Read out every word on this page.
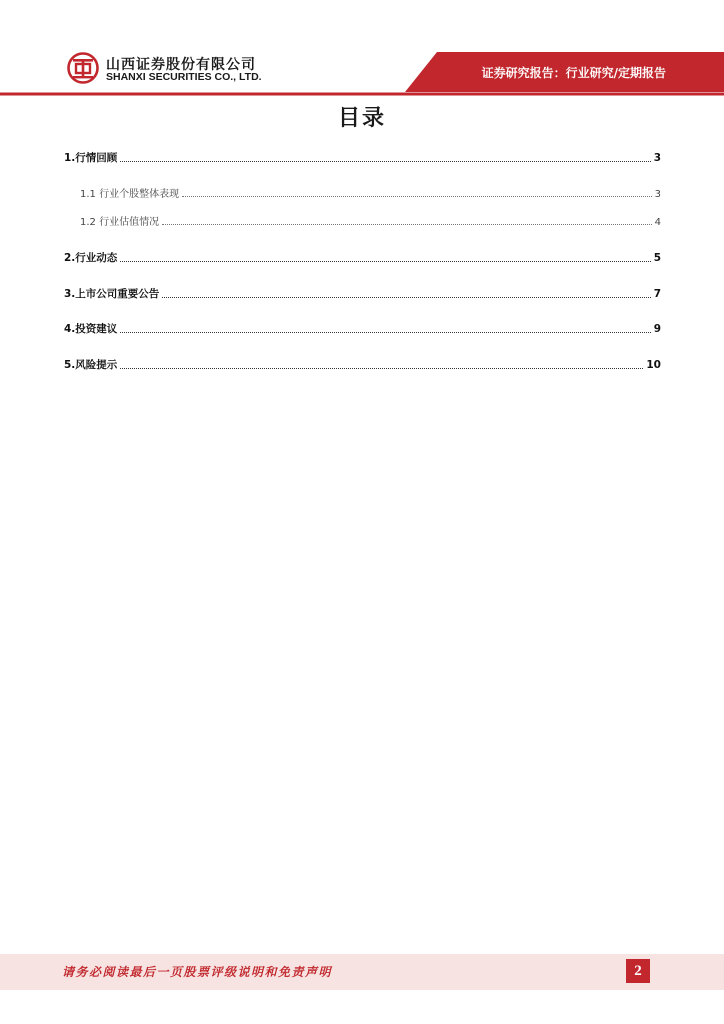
山西证券股份有限公司
SHANXI SECURITIES CO., LTD.	证券研究报告：行业研究/定期报告
目录
1.行情回顾	3
1.1 行业个股整体表现	3
1.2 行业估值情况	4
2.行业动态	5
3.上市公司重要公告	7
4.投资建议	9
5.风险提示	10
请务必阅读最后一页股票评级说明和免责声明	2
